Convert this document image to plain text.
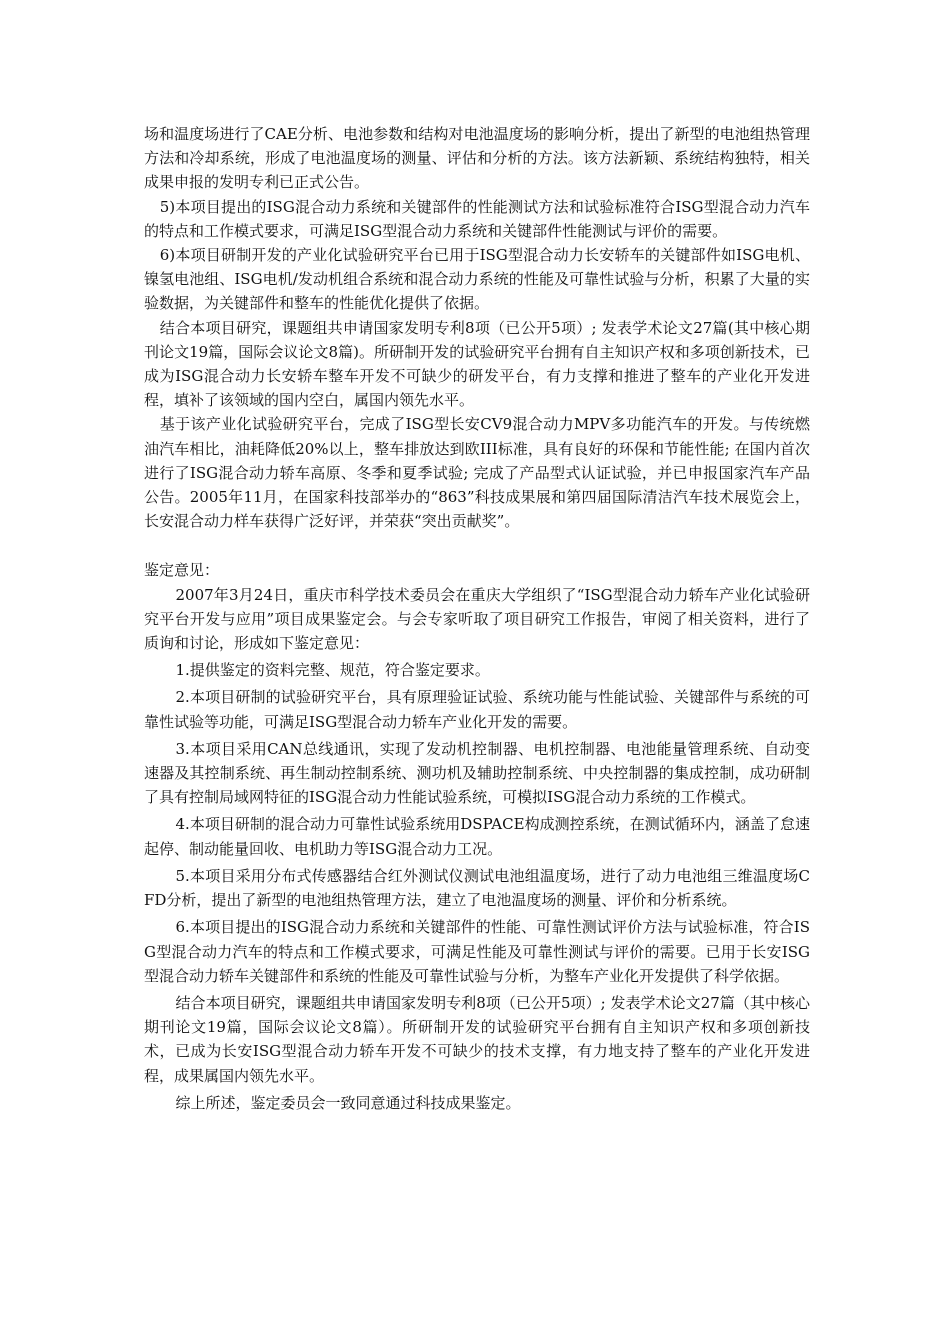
场和温度场进行了CAE分析、电池参数和结构对电池温度场的影响分析，提出了新型的电池组热管理方法和冷却系统，形成了电池温度场的测量、评估和分析的方法。该方法新颖、系统结构独特，相关成果申报的发明专利已正式公告。

5)本项目提出的ISG混合动力系统和关键部件的性能测试方法和试验标准符合ISG型混合动力汽车的特点和工作模式要求，可满足ISG型混合动力系统和关键部件性能测试与评价的需要。

6)本项目研制开发的产业化试验研究平台已用于ISG型混合动力长安轿车的关键部件如ISG电机、镍氢电池组、ISG电机/发动机组合系统和混合动力系统的性能及可靠性试验与分析，积累了大量的实验数据，为关键部件和整车的性能优化提供了依据。

结合本项目研究，课题组共申请国家发明专利8项（已公开5项）; 发表学术论文27篇(其中核心期刊论文19篇，国际会议论文8篇)。所研制开发的试验研究平台拥有自主知识产权和多项创新技术，已成为ISG混合动力长安轿车整车开发不可缺少的研发平台，有力支撑和推进了整车的产业化开发进程，填补了该领域的国内空白，属国内领先水平。

基于该产业化试验研究平台，完成了ISG型长安CV9混合动力MPV多功能汽车的开发。与传统燃油汽车相比，油耗降低20%以上，整车排放达到欧III标准，具有良好的环保和节能性能; 在国内首次进行了ISG混合动力轿车高原、冬季和夏季试验; 完成了产品型式认证试验，并已申报国家汽车产品公告。2005年11月，在国家科技部举办的“863”科技成果展和第四届国际清洁汽车技术展览会上，长安混合动力样车获得广泛好评，并荣获“突出贡献奖”。

鉴定意见：

2007年3月24日，重庆市科学技术委员会在重庆大学组织了“ISG型混合动力轿车产业化试验研究平台开发与应用”项目成果鉴定会。与会专家听取了项目研究工作报告，审阅了相关资料，进行了质询和讨论，形成如下鉴定意见：

1.提供鉴定的资料完整、规范，符合鉴定要求。

2.本项目研制的试验研究平台，具有原理验证试验、系统功能与性能试验、关键部件与系统的可靠性试验等功能，可满足ISG型混合动力轿车产业化开发的需要。

3.本项目采用CAN总线通讯，实现了发动机控制器、电机控制器、电池能量管理系统、自动变速器及其控制系统、再生制动控制系统、测功机及辅助控制系统、中央控制器的集成控制，成功研制了具有控制局域网特征的ISG混合动力性能试验系统，可模拟ISG混合动力系统的工作模式。

4.本项目研制的混合动力可靠性试验系统用DSPACE构成测控系统，在测试循环内，涵盖了怠速起停、制动能量回收、电机助力等ISG混合动力工况。

5.本项目采用分布式传感器结合红外测试仪测试电池组温度场，进行了动力电池组三维温度场CFD分析，提出了新型的电池组热管理方法，建立了电池温度场的测量、评价和分析系统。

6.本项目提出的ISG混合动力系统和关键部件的性能、可靠性测试评价方法与试验标准，符合ISG型混合动力汽车的特点和工作模式要求，可满足性能及可靠性测试与评价的需要。已用于长安ISG型混合动力轿车关键部件和系统的性能及可靠性试验与分析，为整车产业化开发提供了科学依据。

结合本项目研究，课题组共申请国家发明专利8项（已公开5项）; 发表学术论文27篇（其中核心期刊论文19篇，国际会议论文8篇）。所研制开发的试验研究平台拥有自主知识产权和多项创新技术，已成为长安ISG型混合动力轿车开发不可缺少的技术支撑，有力地支持了整车的产业化开发进程，成果属国内领先水平。

综上所述，鉴定委员会一致同意通过科技成果鉴定。
